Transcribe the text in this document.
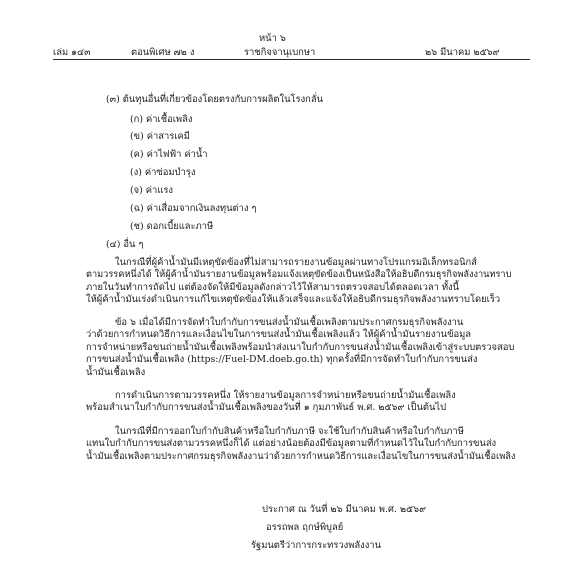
หน้า ๖
เล่ม ๑๔๓	ตอนพิเศษ ๗๒ ง	ราชกิจจานุเบกษา	๒๖ มีนาคม ๒๕๖๙
(๓) ต้นทุนอื่นที่เกี่ยวข้องโดยตรงกับการผลิตในโรงกลั่น
(ก) ค่าเชื้อเพลิง
(ข) ค่าสารเคมี
(ค) ค่าไฟฟ้า ค่าน้ำ
(ง) ค่าซ่อมบำรุง
(จ) ค่าแรง
(ฉ) ค่าเสื่อมจากเงินลงทุนต่าง ๆ
(ช) ดอกเบี้ยและภาษี
(๔) อื่น ๆ
ในกรณีที่ผู้ค้าน้ำมันมีเหตุขัดข้องที่ไม่สามารถรายงานข้อมูลผ่านทางโปรแกรมอิเล็กทรอนิกส์
ตามวรรคหนึ่งได้ ให้ผู้ค้าน้ำมันรายงานข้อมูลพร้อมแจ้งเหตุขัดข้องเป็นหนังสือให้อธิบดีกรมธุรกิจพลังงานทราบ
ภายในวันทำการถัดไป แต่ต้องจัดให้มีข้อมูลดังกล่าวไว้ให้สามารถตรวจสอบได้ตลอดเวลา ทั้งนี้
ให้ผู้ค้าน้ำมันเร่งดำเนินการแก้ไขเหตุขัดข้องให้แล้วเสร็จและแจ้งให้อธิบดีกรมธุรกิจพลังงานทราบโดยเร็ว
ข้อ ๖ เมื่อได้มีการจัดทำใบกำกับการขนส่งน้ำมันเชื้อเพลิงตามประกาศกรมธุรกิจพลังงาน
ว่าด้วยการกำหนดวิธีการและเงื่อนไขในการขนส่งน้ำมันเชื้อเพลิงแล้ว ให้ผู้ค้าน้ำมันรายงานข้อมูล
การจำหน่ายหรือขนถ่ายน้ำมันเชื้อเพลิงพร้อมนำส่งเนาใบกำกับการขนส่งน้ำมันเชื้อเพลิงเข้าสู่ระบบตรวจสอบ
การขนส่งน้ำมันเชื้อเพลิง (https://Fuel-DM.doeb.go.th) ทุกครั้งที่มีการจัดทำใบกำกับการขนส่ง
น้ำมันเชื้อเพลิง
การดำเนินการตามวรรคหนึ่ง ให้รายงานข้อมูลการจำหน่ายหรือขนถ่ายน้ำมันเชื้อเพลิง
พร้อมสำเนาใบกำกับการขนส่งน้ำมันเชื้อเพลิงของวันที่ ๑ กุมภาพันธ์ พ.ศ. ๒๕๖๙ เป็นต้นไป
ในกรณีที่มีการออกใบกำกับสินค้าหรือใบกำกับภาษี จะใช้ใบกำกับสินค้าหรือใบกำกับภาษี
แทนใบกำกับการขนส่งตามวรรคหนึ่งก็ได้ แต่อย่างน้อยต้องมีข้อมูลตามที่กำหนดไว้ในใบกำกับการขนส่ง
น้ำมันเชื้อเพลิงตามประกาศกรมธุรกิจพลังงานว่าด้วยการกำหนดวิธีการและเงื่อนไขในการขนส่งน้ำมันเชื้อเพลิง
ประกาศ ณ วันที่ ๒๖ มีนาคม พ.ศ. ๒๕๖๙
อรรถพล ฤกษ์พิบูลย์
รัฐมนตรีว่าการกระทรวงพลังงาน
